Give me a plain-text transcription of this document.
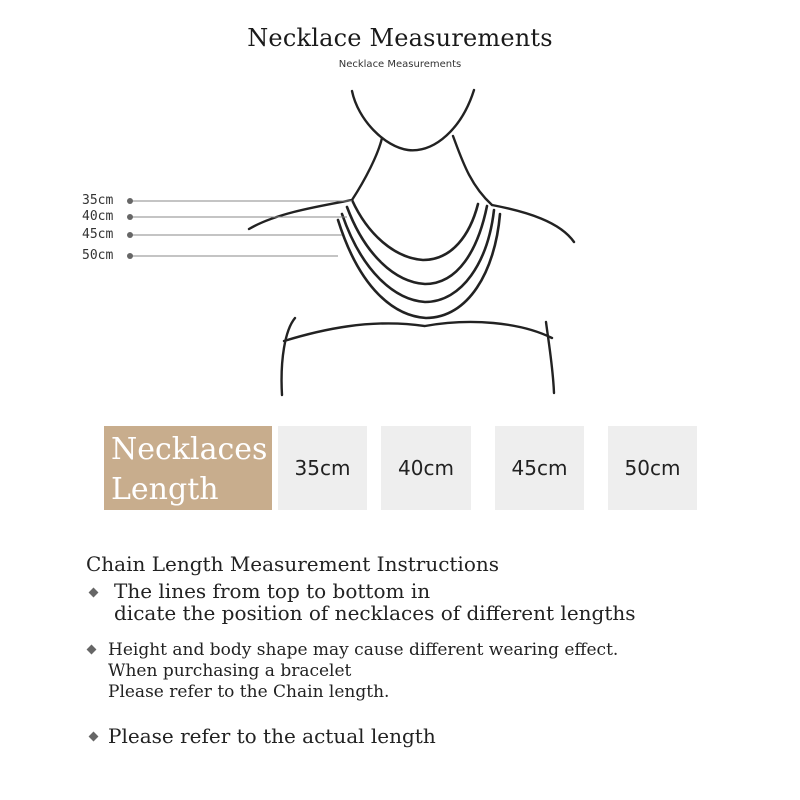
Necklace Measurements
Necklace Measurements
35cm
40cm
45cm
50cm
Necklaces
Length
35cm	40cm	45cm	50cm
Chain Length Measurement Instructions
The lines from top to bottom in
dicate the position of necklaces of different lengths
Height and body shape may cause different wearing effect.
When purchasing a bracelet
Please refer to the Chain length.
Please refer to the actual length
